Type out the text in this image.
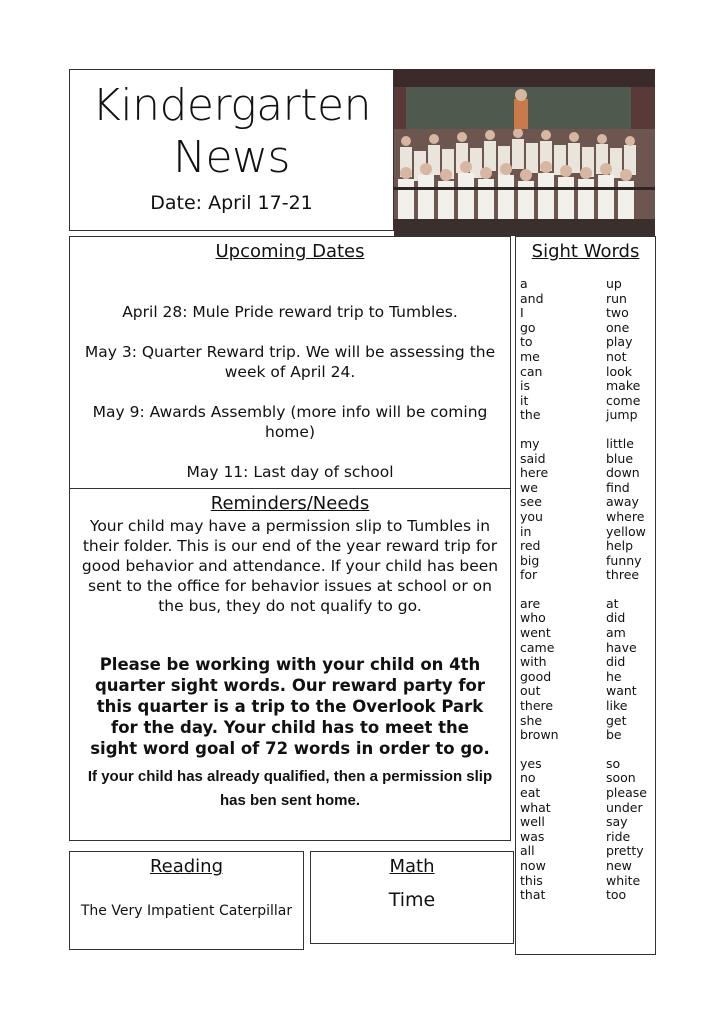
Kindergarten
News
Date: April 17-21
Upcoming Dates
April 28: Mule Pride reward trip to Tumbles.
May 3: Quarter Reward trip. We will be assessing the week of April 24.
May 9: Awards Assembly (more info will be coming home)
May 11: Last day of school
Reminders/Needs
Your child may have a permission slip to Tumbles in their folder. This is our end of the year reward trip for good behavior and attendance. If your child has been sent to the office for behavior issues at school or on the bus, they do not qualify to go.
Please be working with your child on 4th quarter sight words. Our reward party for this quarter is a trip to the Overlook Park for the day. Your child has to meet the sight word goal of 72 words in order to go.
If your child has already qualified, then a permission slip has ben sent home.
Reading
The Very Impatient Caterpillar
Math
Time
Sight Words
a	up
and	run
I	two
go	one
to	play
me	not
can	look
is	make
it	come
the	jump
my	little
said	blue
here	down
we	find
see	away
you	where
in	yellow
red	help
big	funny
for	three
are	at
who	did
went	am
came	have
with	did
good	he
out	want
there	like
she	get
brown	be
yes	so
no	soon
eat	please
what	under
well	say
was	ride
all	pretty
now	new
this	white
that	too
